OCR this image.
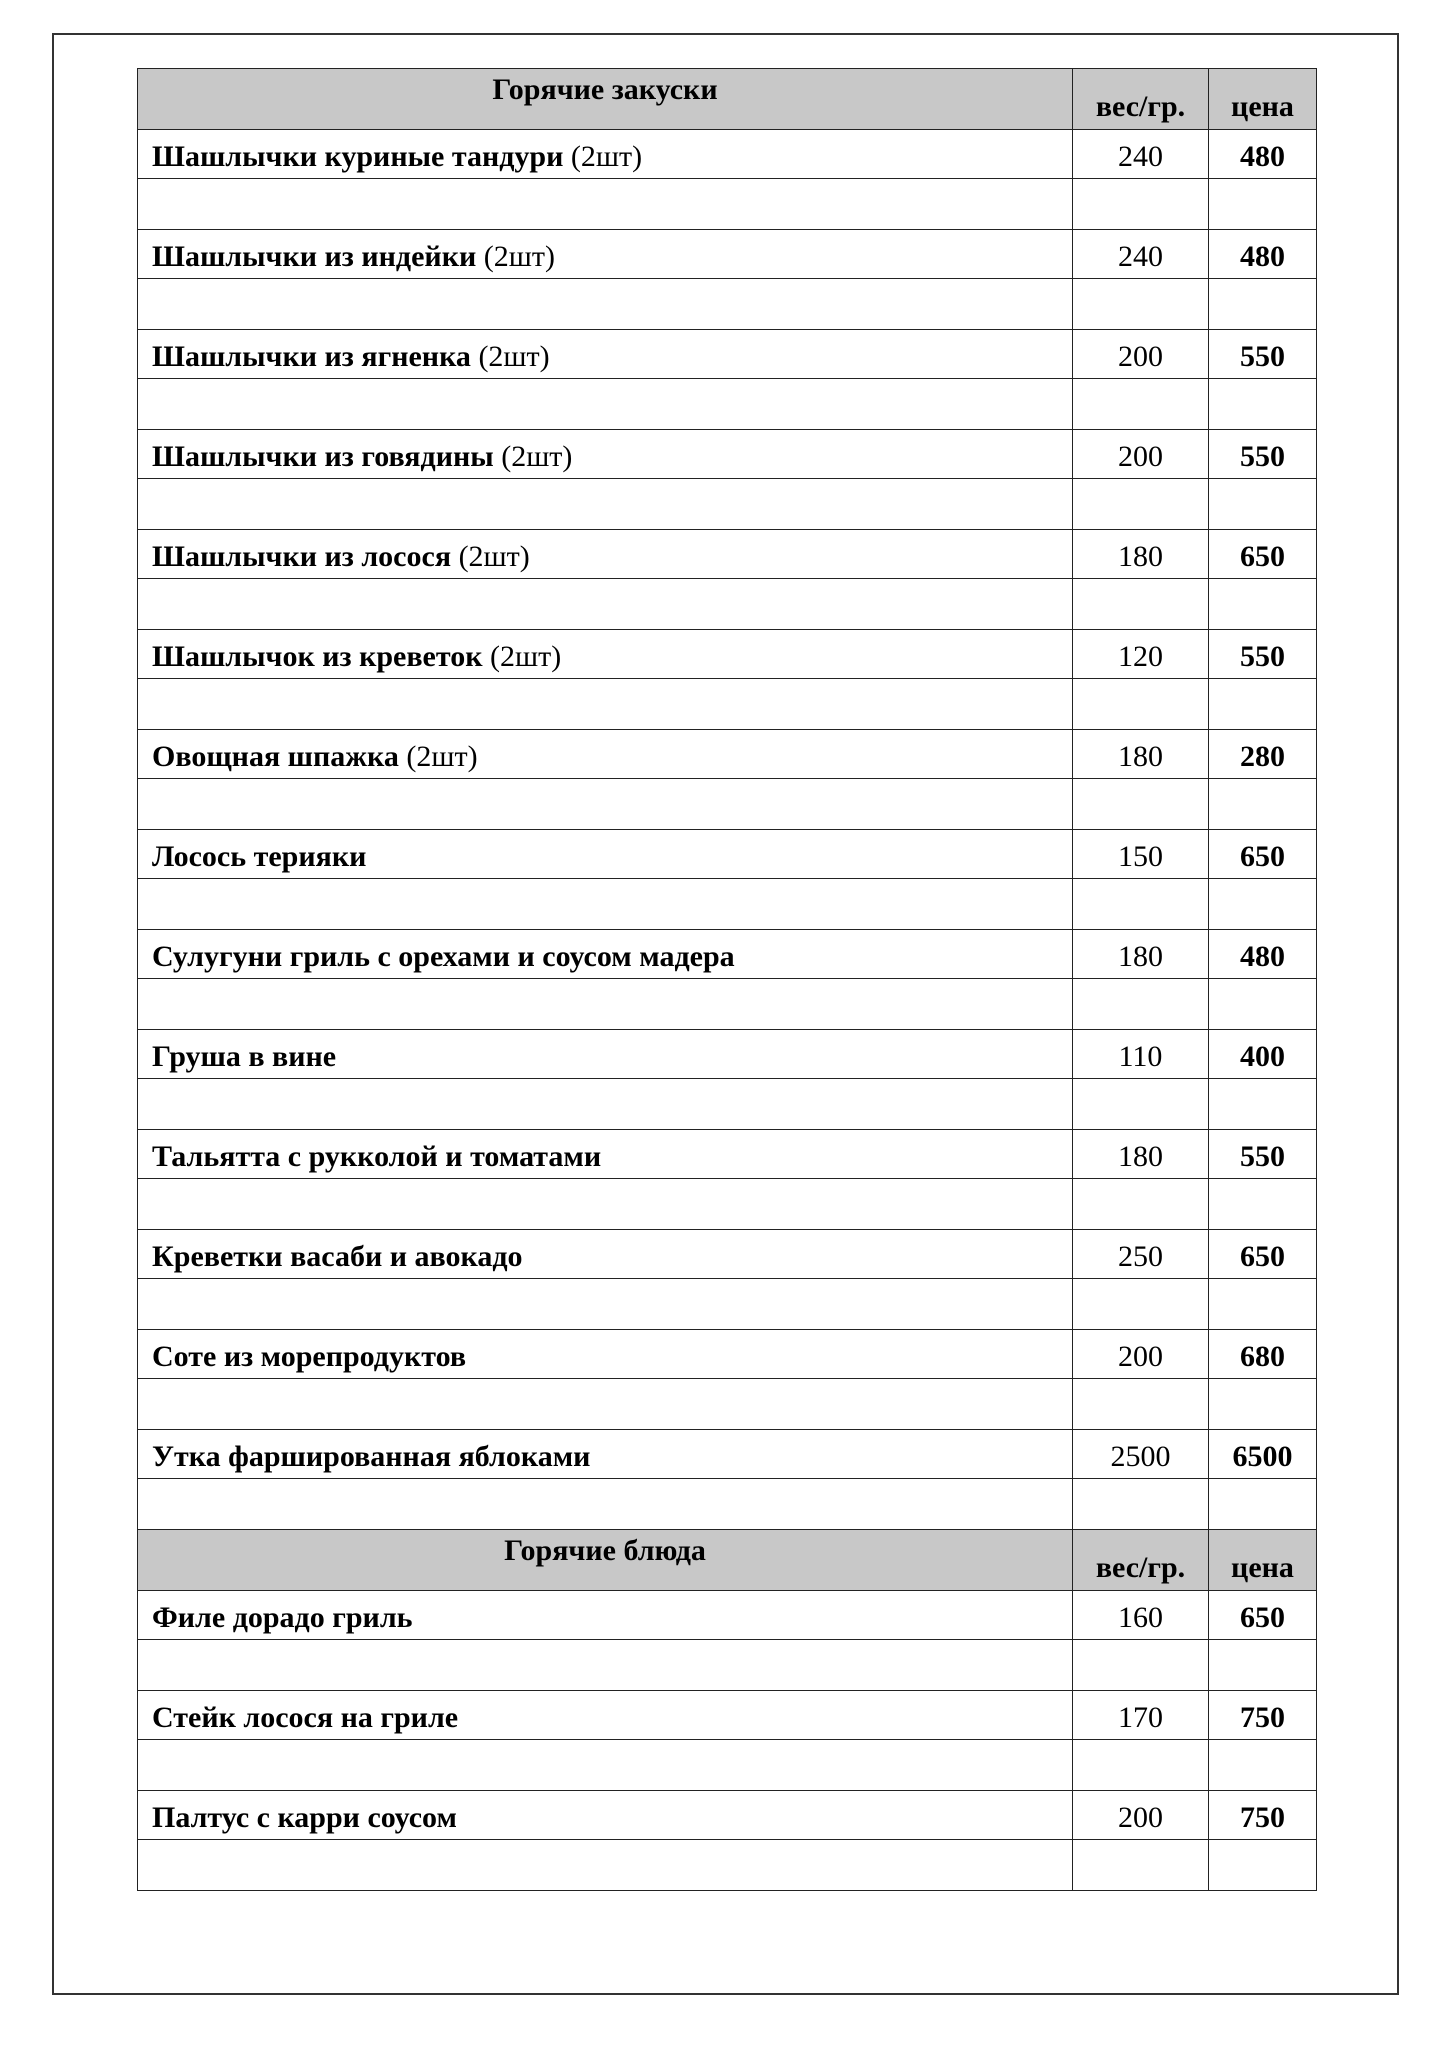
Горячие закуски	вес/гр.	цена
Шашлычки куриные тандури (2шт)	240	480

Шашлычки из индейки (2шт)	240	480

Шашлычки из ягненка (2шт)	200	550

Шашлычки из говядины (2шт)	200	550

Шашлычки из лосося (2шт)	180	650

Шашлычок из креветок (2шт)	120	550

Овощная шпажка (2шт)	180	280

Лосось терияки	150	650

Сулугуни гриль с орехами и соусом мадера	180	480

Груша в вине	110	400

Тальятта с рукколой и томатами	180	550

Креветки васаби и авокадо	250	650

Соте из морепродуктов	200	680

Утка фаршированная яблоками	2500	6500

Горячие блюда	вес/гр.	цена
Филе дорадо гриль	160	650

Стейк лосося на гриле	170	750

Палтус с карри соусом	200	750
